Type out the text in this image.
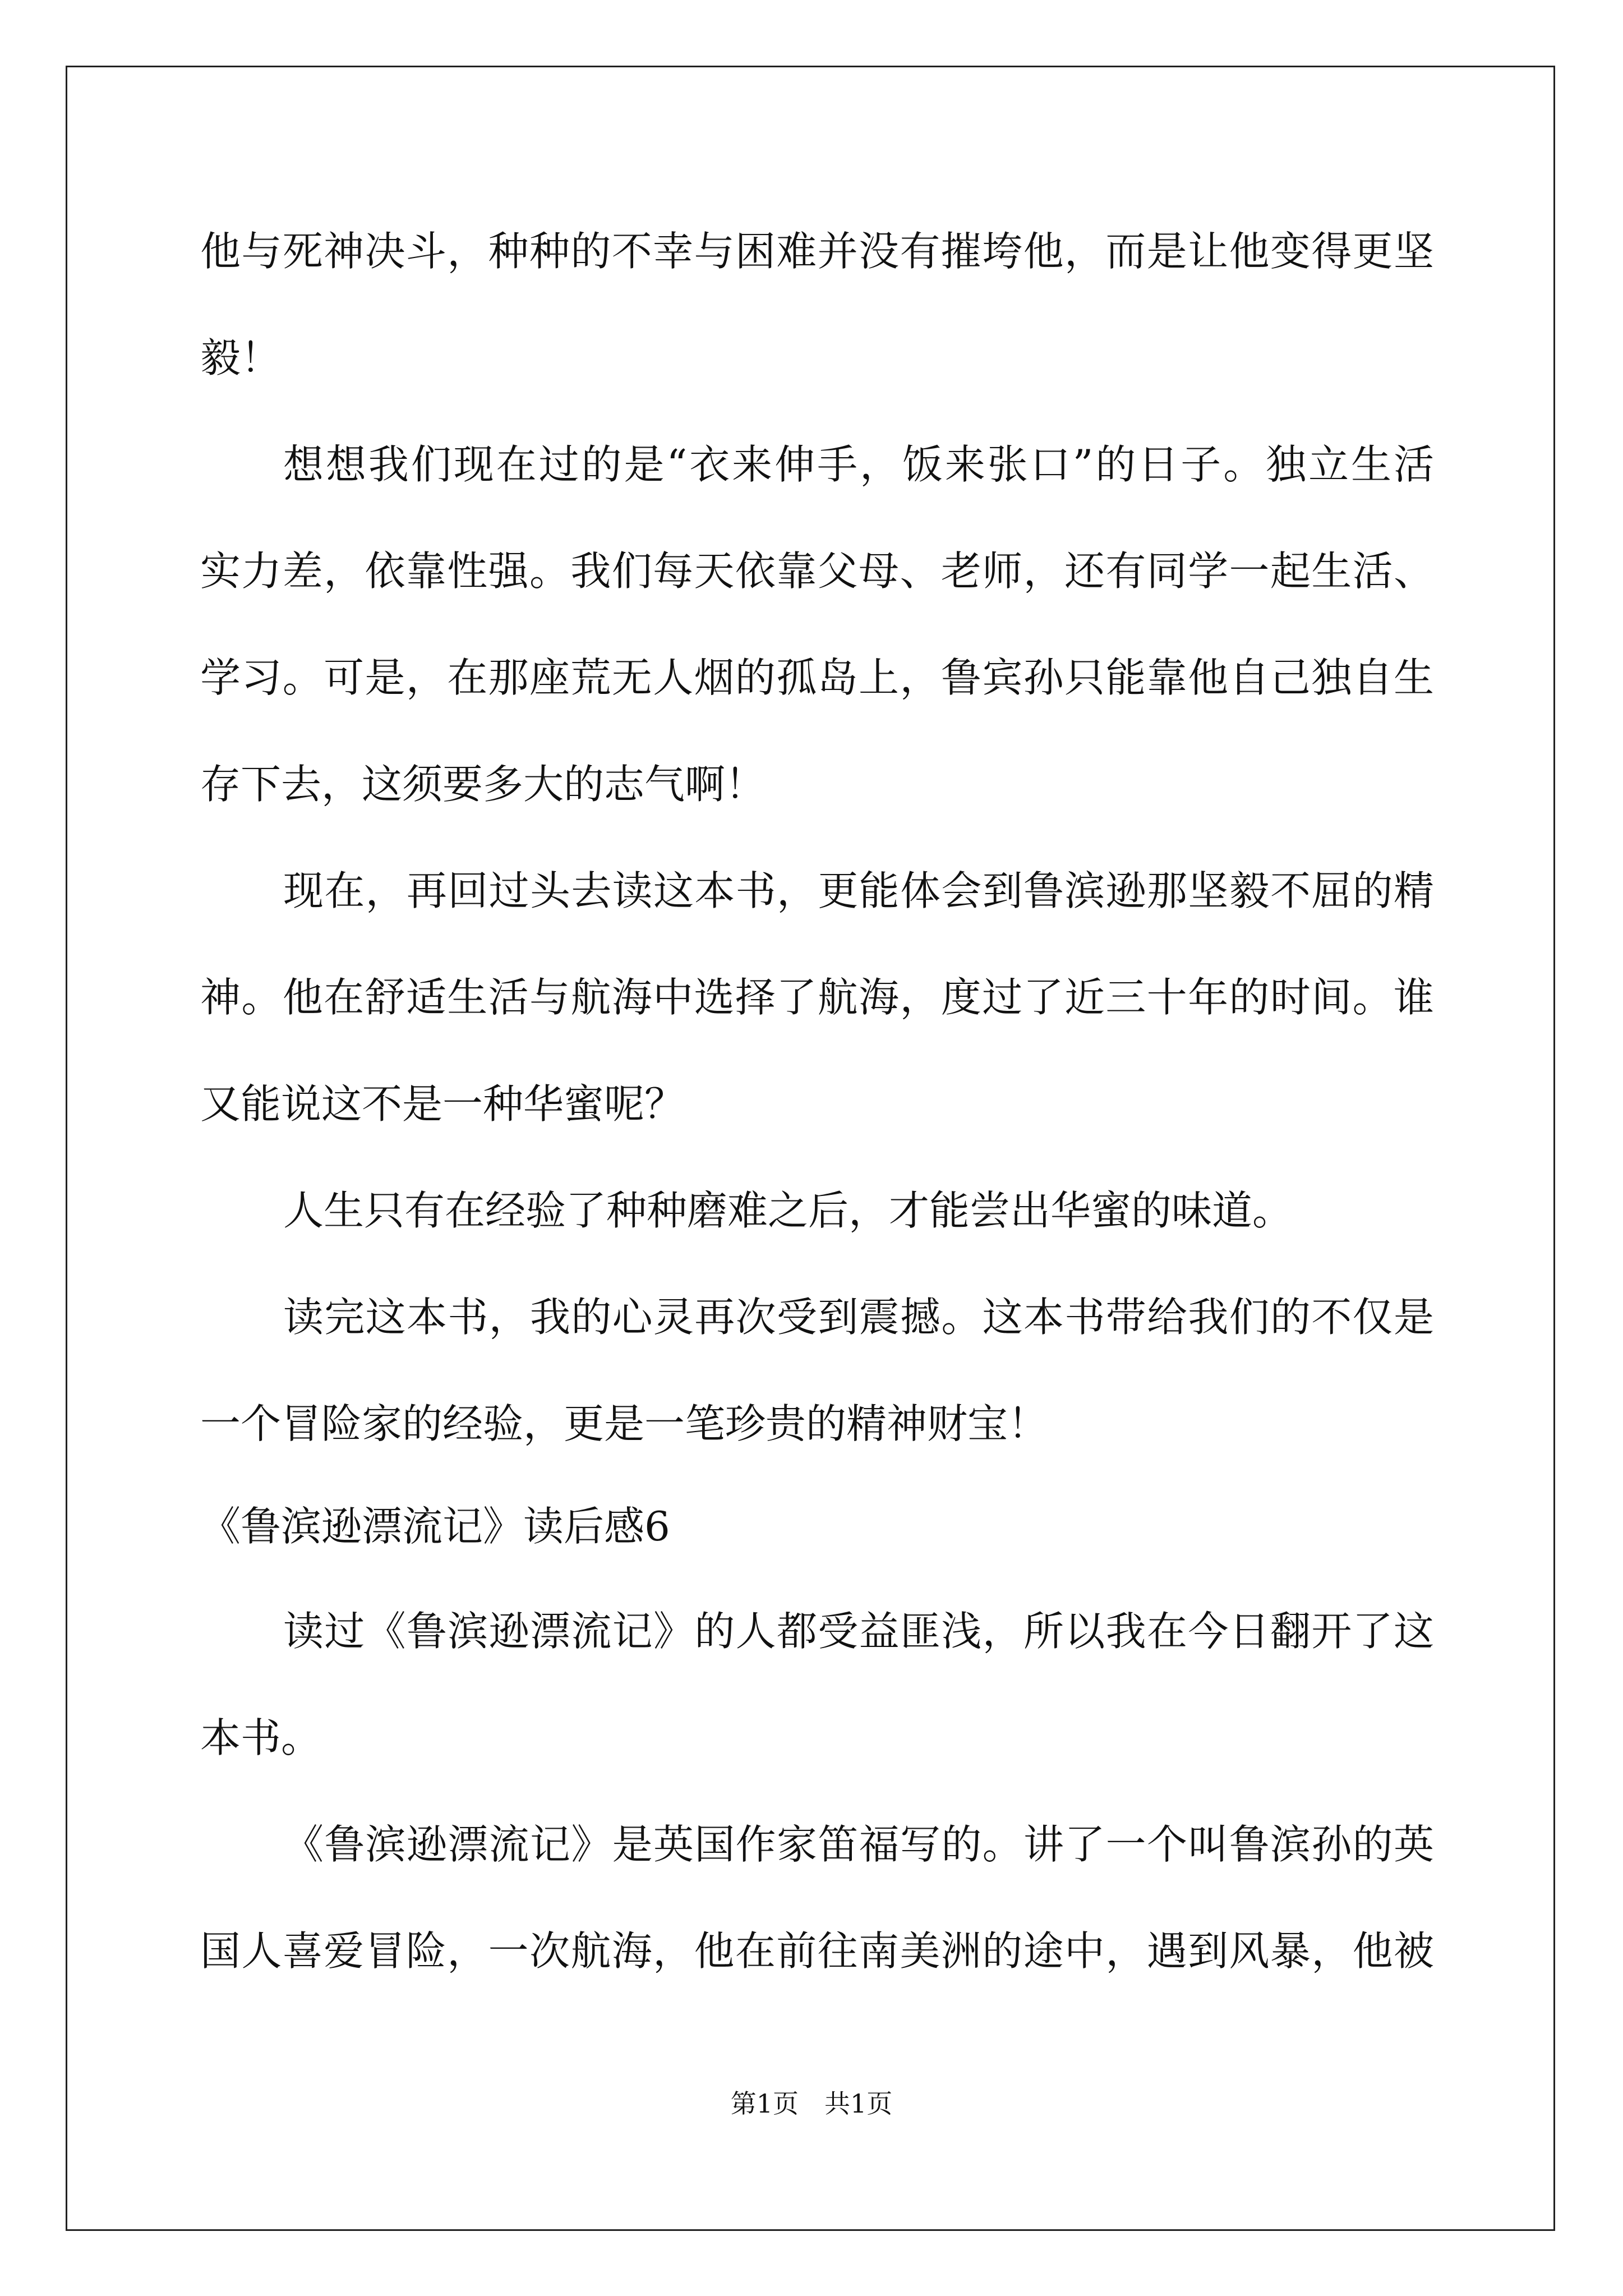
他与死神决斗，种种的不幸与困难并没有摧垮他，而是让他变得更坚
毅！
想想我们现在过的是“衣来伸手，饭来张口”的日子。独立生活
实力差，依靠性强。我们每天依靠父母、老师，还有同学一起生活、
学习。可是，在那座荒无人烟的孤岛上，鲁宾孙只能靠他自己独自生
存下去，这须要多大的志气啊！
现在，再回过头去读这本书，更能体会到鲁滨逊那坚毅不屈的精
神。他在舒适生活与航海中选择了航海，度过了近三十年的时间。谁
又能说这不是一种华蜜呢？
人生只有在经验了种种磨难之后，才能尝出华蜜的味道。
读完这本书，我的心灵再次受到震撼。这本书带给我们的不仅是
一个冒险家的经验，更是一笔珍贵的精神财宝！
《鲁滨逊漂流记》读后感6
读过《鲁滨逊漂流记》的人都受益匪浅，所以我在今日翻开了这
本书。
《鲁滨逊漂流记》是英国作家笛福写的。讲了一个叫鲁滨孙的英
国人喜爱冒险，一次航海，他在前往南美洲的途中，遇到风暴，他被
第1页　共1页
